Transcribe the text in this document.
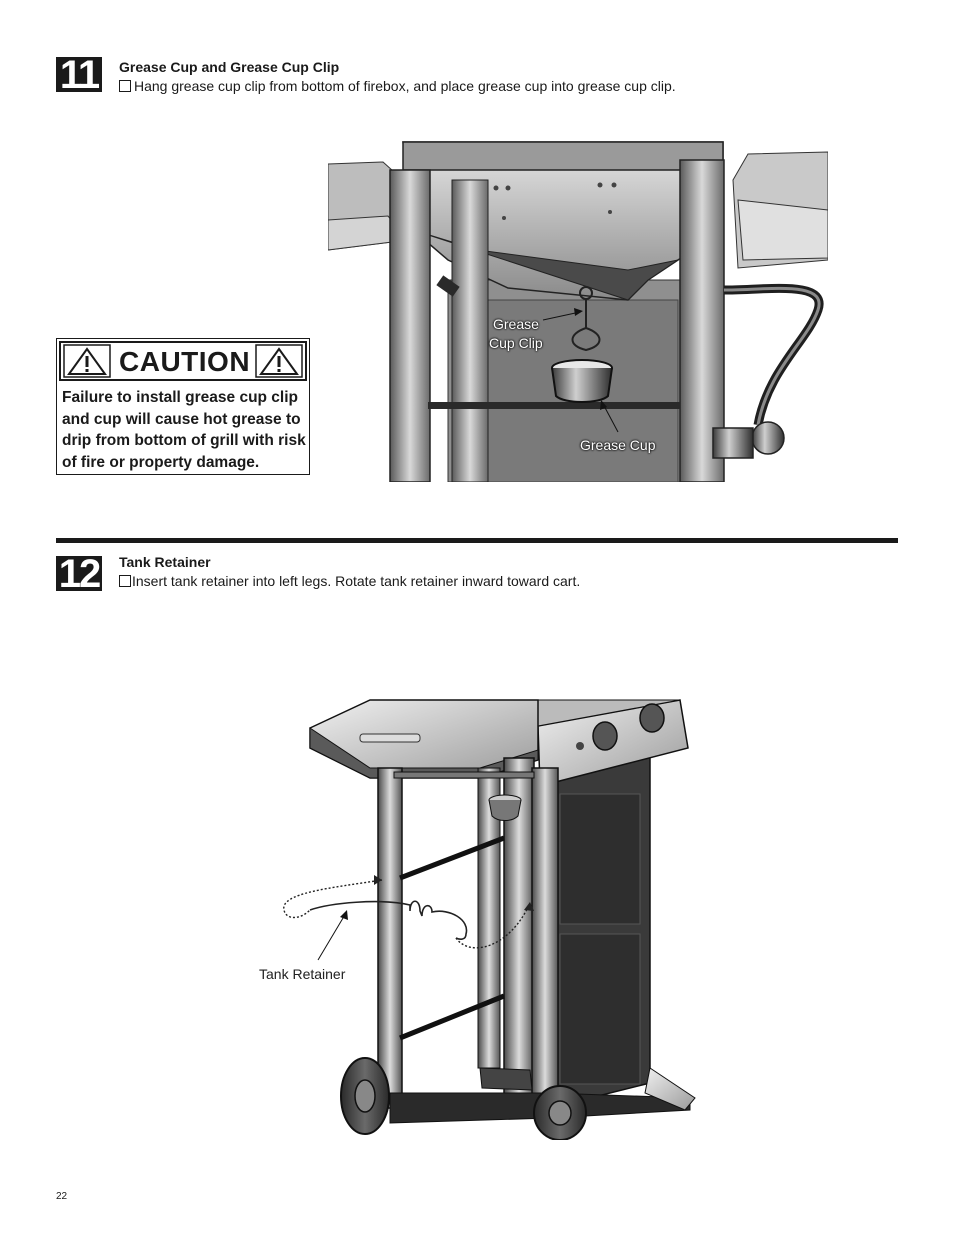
11 Grease Cup and Grease Cup Clip
Hang grease cup clip from bottom of firebox, and place grease cup into grease cup clip.
CAUTION
Failure to install grease cup clip and cup will cause hot grease to drip from bottom of grill with risk of fire or property damage.
Grease
Cup Clip
Grease Cup
12 Tank Retainer
Insert tank retainer into left legs. Rotate tank retainer inward toward cart.
Tank Retainer
22
